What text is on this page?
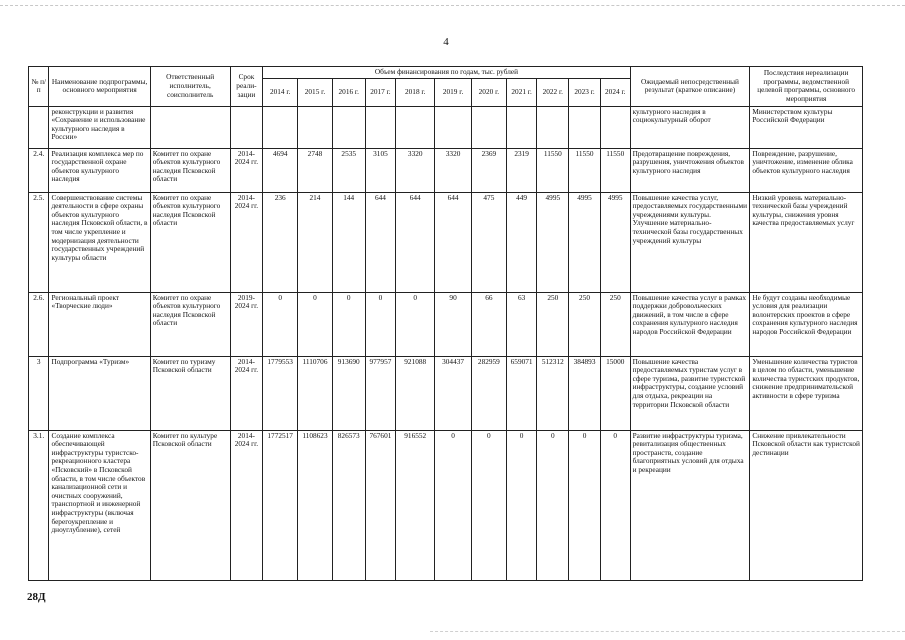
4
№ п/п	Наименование подпрограммы, основного мероприятия	Ответственный исполнитель, соисполнитель	Срок реали-зации	Объем финансирования по годам, тыс. рублей											Ожидаемый непосредственный результат (краткое описание)	Последствия нереализации программы, ведомственной целевой программы, основного мероприятия
				2014 г.	2015 г.	2016 г.	2017 г.	2018 г.	2019 г.	2020 г.	2021 г.	2022 г.	2023 г.	2024 г.		
	реконструкции и развития «Сохранение и использование культурного наследия в России»														культурного наследия в социокультурный оборот	Министерством культуры Российской Федерации
2.4.	Реализация комплекса мер по государственной охране объектов культурного наследия	Комитет по охране объектов культурного наследия Псковской области	2014-2024 гг.	4694	2748	2535	3105	3320	3320	2369	2319	11550	11550	11550	Предотвращение повреждения, разрушения, уничтожения объектов культурного наследия	Повреждение, разрушение, уничтожение, изменение облика объектов культурного наследия
2.5.	Совершенствование системы деятельности в сфере охраны объектов культурного наследия Псковской области, в том числе укрепление и модернизация деятельности государственных учреждений культуры области	Комитет по охране объектов культурного наследия Псковской области	2014-2024 гг.	236	214	144	644	644	644	475	449	4995	4995	4995	Повышение качества услуг, предоставляемых государственными учреждениями культуры. Улучшение материально-технической базы государственных учреждений культуры	Низкий уровень материально-технической базы учреждений культуры, снижения уровня качества предоставляемых услуг
2.6.	Региональный проект «Творческие люди»	Комитет по охране объектов культурного наследия Псковской области	2019-2024 гг.	0	0	0	0	0	90	66	63	250	250	250	Повышение качества услуг в рамках поддержки добровольческих движений, в том числе в сфере сохранения культурного наследия народов Российской Федерации	Не будут созданы необходимые условия для реализации волонтерских проектов в сфере сохранения культурного наследия народов Российской Федерации
3	Подпрограмма «Туризм»	Комитет по туризму Псковской области	2014-2024 гг.	1779553	1110706	913690	977957	921088	304437	282959	659071	512312	384893	15000	Повышение качества предоставляемых туристам услуг в сфере туризма, развитие туристской инфраструктуры, создание условий для отдыха, рекреации на территории Псковской области	Уменьшение количества туристов в целом по области, уменьшение количества туристских продуктов, снижение предпринимательской активности в сфере туризма
3.1.	Создание комплекса обеспечивающей инфраструктуры туристско-рекреационного кластера «Псковский» в Псковской области, в том числе объектов канализационной сети и очистных сооружений, транспортной и инженерной инфраструктуры (включая берегоукрепление и дноуглубление), сетей	Комитет по культуре Псковской области	2014-2024 гг.	1772517	1108623	826573	767601	916552	0	0	0	0	0	0	Развитие инфраструктуры туризма, ревитализация общественных пространств, создание благоприятных условий для отдыха и рекреации	Снижение привлекательности Псковской области как туристской дестинации
28Д
